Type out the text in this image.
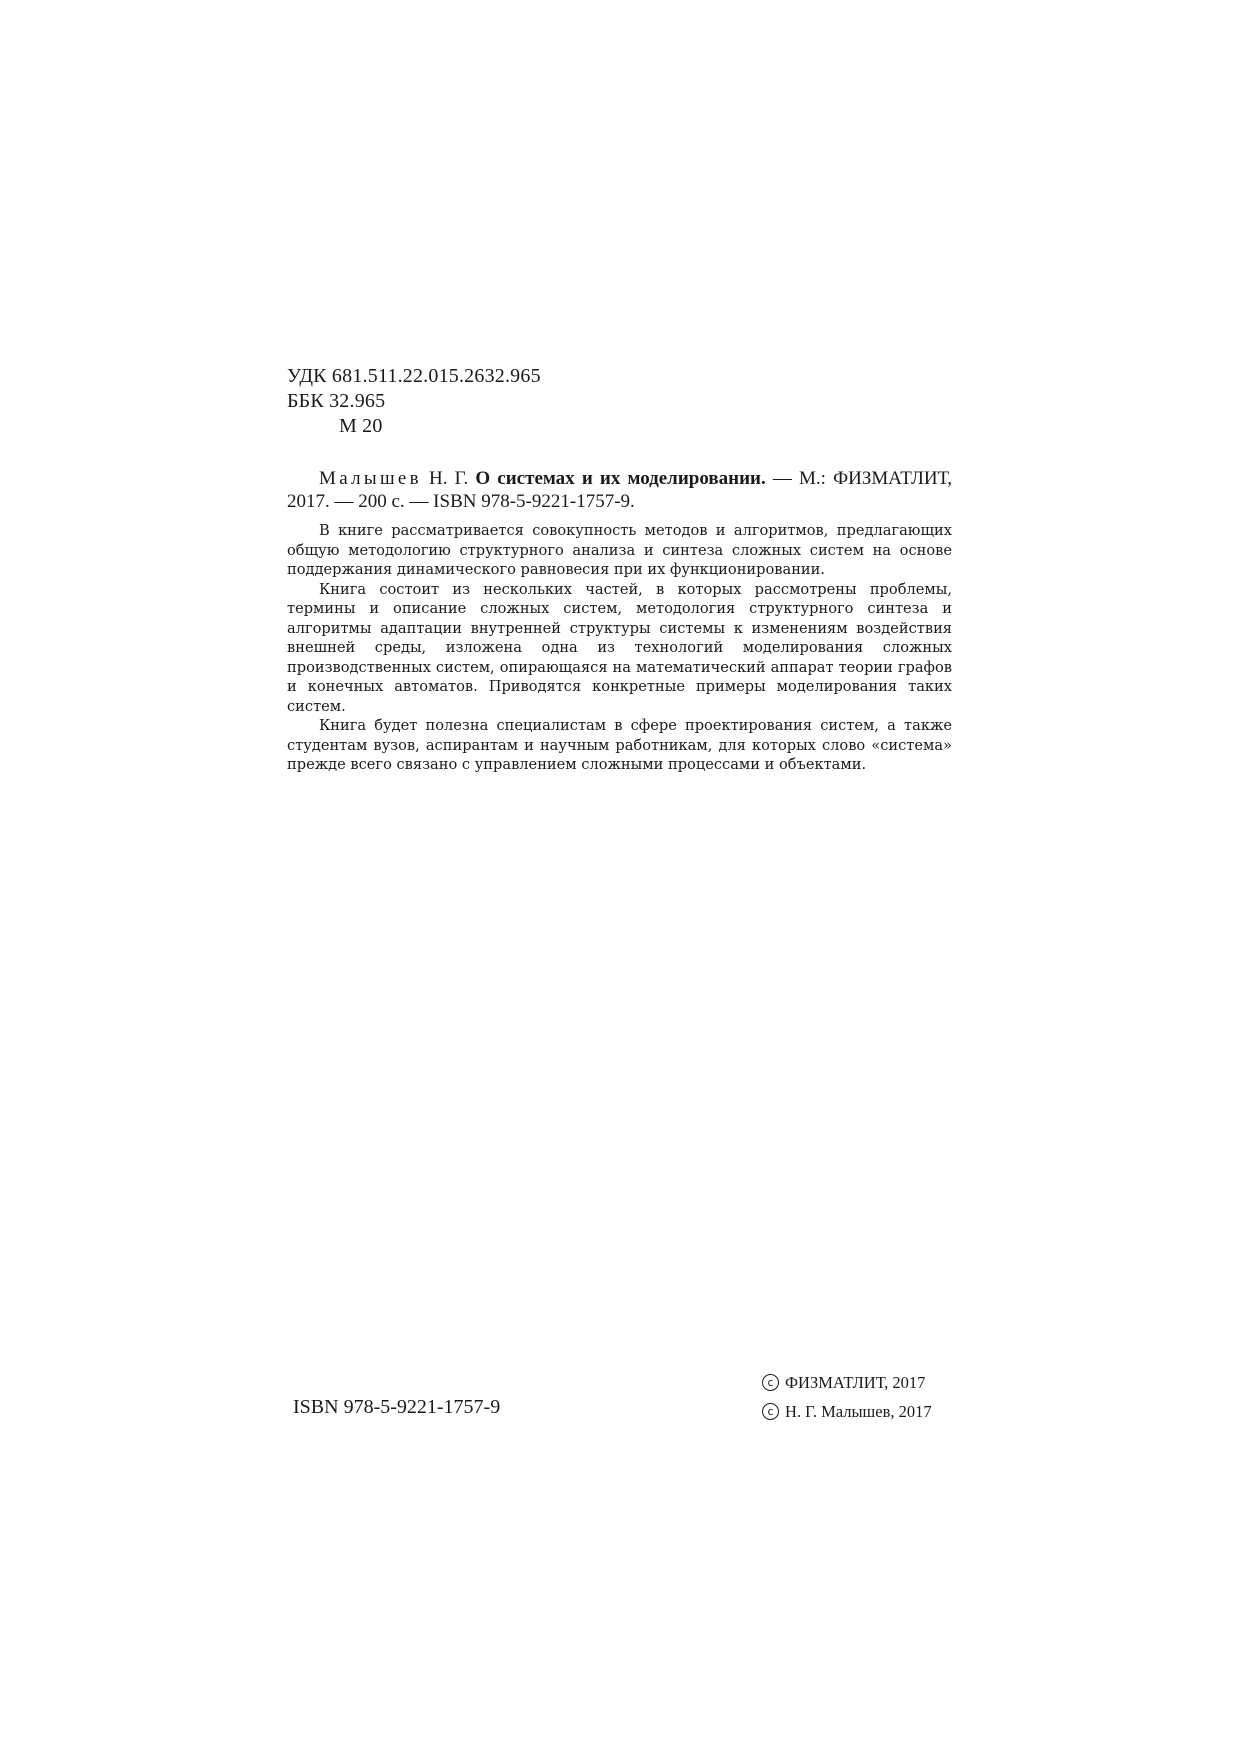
УДК 681.511.22.015.2632.965
ББК 32.965
М 20
Малышев Н. Г. О системах и их моделировании. — М.: ФИЗМАТЛИТ, 2017. — 200 с. — ISBN 978-5-9221-1757-9.

В книге рассматривается совокупность методов и алгоритмов, предлагающих общую методологию структурного анализа и синтеза сложных систем на основе поддержания динамического равновесия при их функционировании.

Книга состоит из нескольких частей, в которых рассмотрены проблемы, термины и описание сложных систем, методология структурного синтеза и алгоритмы адаптации внутренней структуры системы к изменениям воздействия внешней среды, изложена одна из технологий моделирования сложных производственных систем, опирающаяся на математический аппарат теории графов и конечных автоматов. Приводятся конкретные примеры моделирования таких систем.

Книга будет полезна специалистам в сфере проектирования систем, а также студентам вузов, аспирантам и научным работникам, для которых слово «система» прежде всего связано с управлением сложными процессами и объектами.

ISBN 978-5-9221-1757-9
c ФИЗМАТЛИТ, 2017
c Н. Г. Малышев, 2017
